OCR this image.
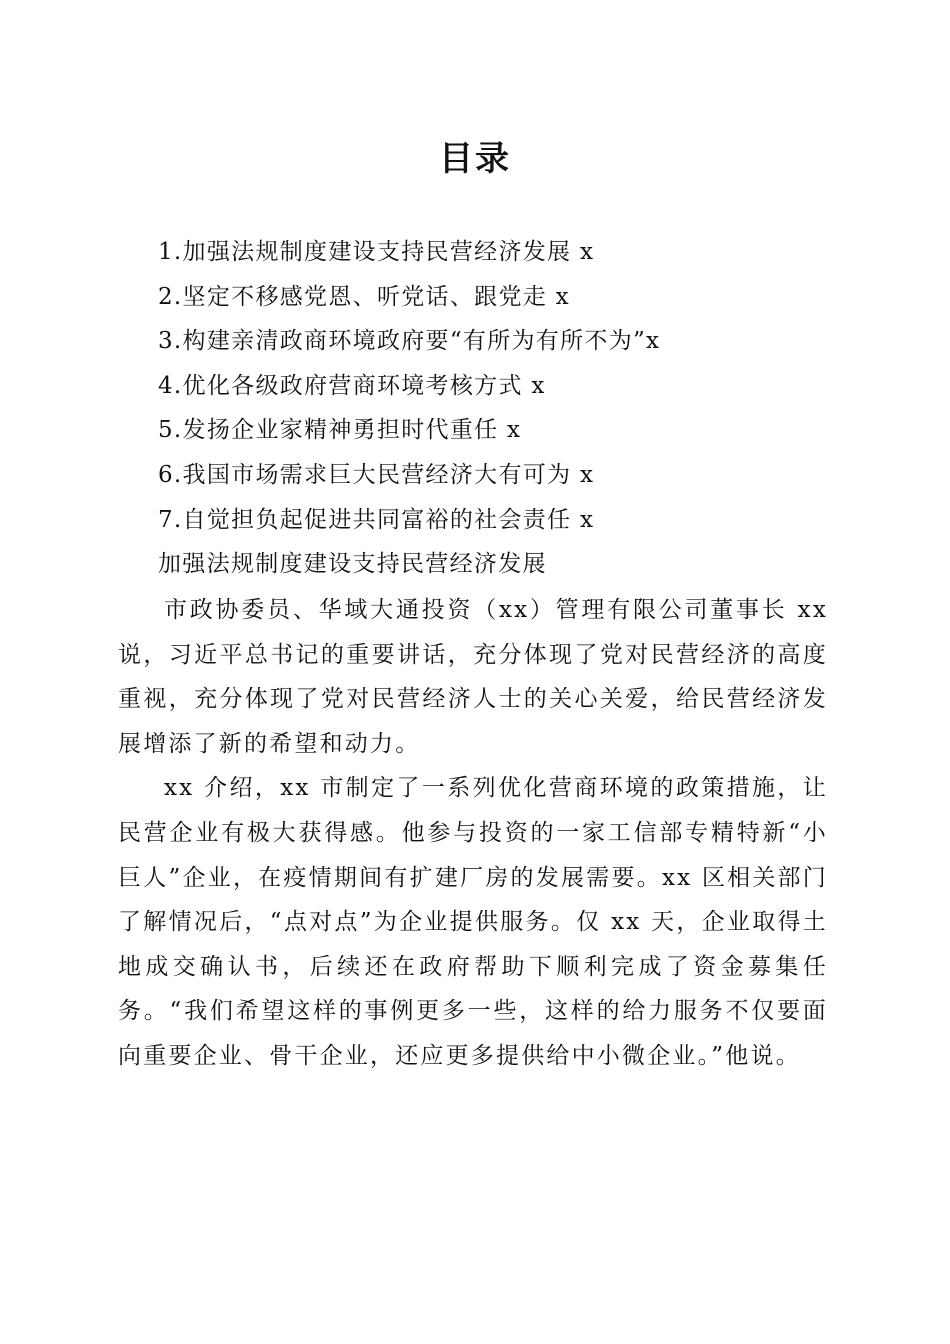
目录
1.加强法规制度建设支持民营经济发展 x
2.坚定不移感党恩、听党话、跟党走 x
3.构建亲清政商环境政府要“有所为有所不为”x
4.优化各级政府营商环境考核方式 x
5.发扬企业家精神勇担时代重任 x
6.我国市场需求巨大民营经济大有可为 x
7.自觉担负起促进共同富裕的社会责任 x
加强法规制度建设支持民营经济发展

市政协委员、华域大通投资（xx）管理有限公司董事长 xx 说，习近平总书记的重要讲话，充分体现了党对民营经济的高度重视，充分体现了党对民营经济人士的关心关爱，给民营经济发展增添了新的希望和动力。

xx 介绍，xx 市制定了一系列优化营商环境的政策措施，让民营企业有极大获得感。他参与投资的一家工信部专精特新“小巨人”企业，在疫情期间有扩建厂房的发展需要。xx 区相关部门了解情况后，“点对点”为企业提供服务。仅 xx 天，企业取得土地成交确认书，后续还在政府帮助下顺利完成了资金募集任务。“我们希望这样的事例更多一些，这样的给力服务不仅要面向重要企业、骨干企业，还应更多提供给中小微企业。”他说。
